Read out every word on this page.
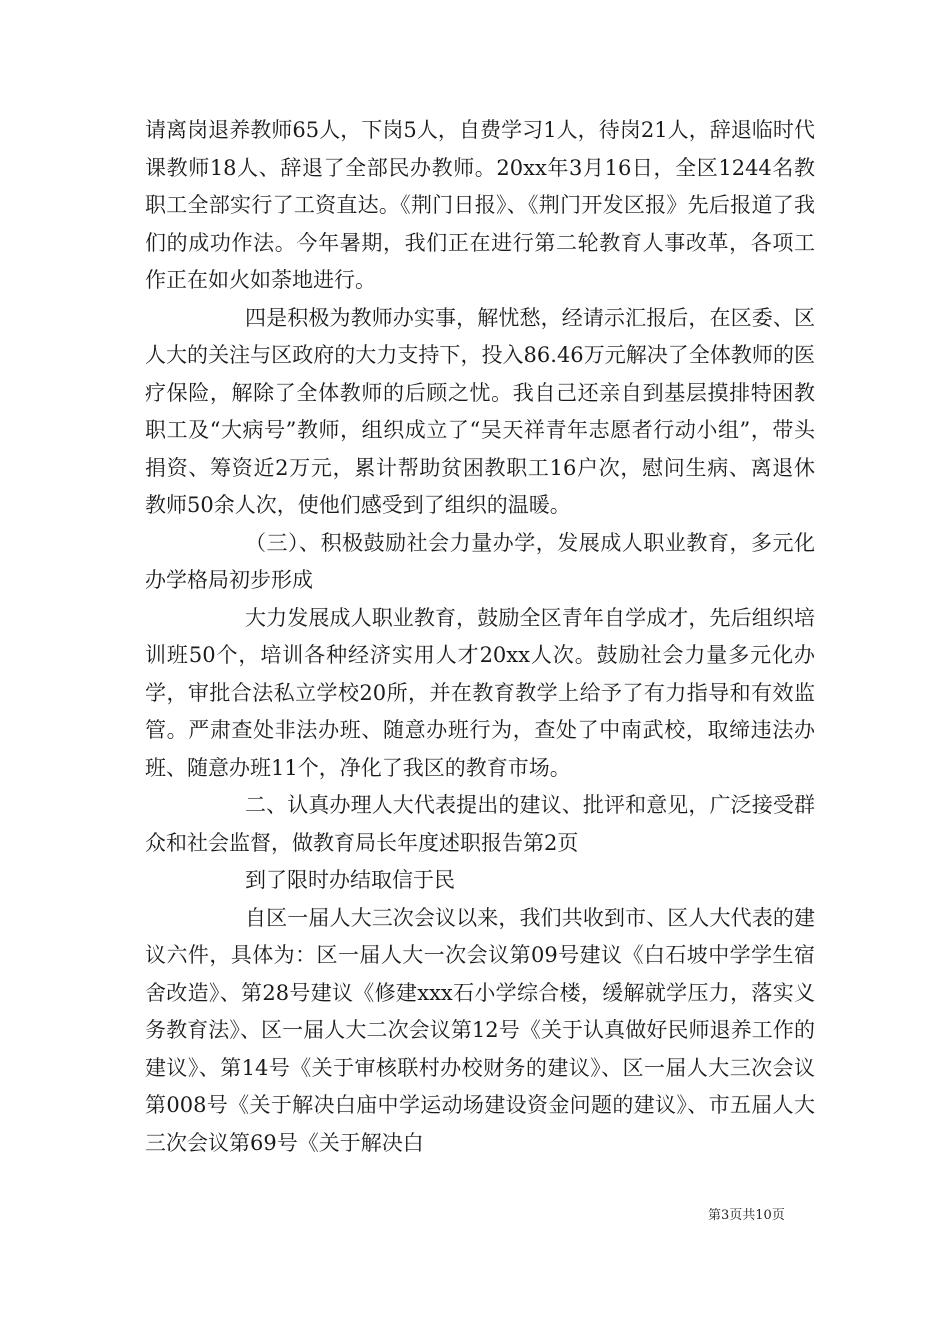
请离岗退养教师65人，下岗5人，自费学习1人，待岗21人，辞退临时代课教师18人、辞退了全部民办教师。20xx年3月16日，全区1244名教职工全部实行了工资直达。《荆门日报》、《荆门开发区报》先后报道了我们的成功作法。今年暑期，我们正在进行第二轮教育人事改革，各项工作正在如火如荼地进行。

四是积极为教师办实事，解忧愁，经请示汇报后，在区委、区人大的关注与区政府的大力支持下，投入86.46万元解决了全体教师的医疗保险，解除了全体教师的后顾之忧。我自己还亲自到基层摸排特困教职工及“大病号”教师，组织成立了“吴天祥青年志愿者行动小组”，带头捐资、筹资近2万元，累计帮助贫困教职工16户次，慰问生病、离退休教师50余人次，使他们感受到了组织的温暖。

（三）、积极鼓励社会力量办学，发展成人职业教育，多元化办学格局初步形成

大力发展成人职业教育，鼓励全区青年自学成才，先后组织培训班50个，培训各种经济实用人才20xx人次。鼓励社会力量多元化办学，审批合法私立学校20所，并在教育教学上给予了有力指导和有效监管。严肃查处非法办班、随意办班行为，查处了中南武校，取缔违法办班、随意办班11个，净化了我区的教育市场。

二、认真办理人大代表提出的建议、批评和意见，广泛接受群众和社会监督，做教育局长年度述职报告第2页

到了限时办结取信于民

自区一届人大三次会议以来，我们共收到市、区人大代表的建议六件，具体为：区一届人大一次会议第09号建议《白石坡中学学生宿舍改造》、第28号建议《修建xxx石小学综合楼，缓解就学压力，落实义务教育法》、区一届人大二次会议第12号《关于认真做好民师退养工作的建议》、第14号《关于审核联村办校财务的建议》、区一届人大三次会议第008号《关于解决白庙中学运动场建设资金问题的建议》、市五届人大三次会议第69号《关于解决白

第3页共10页
